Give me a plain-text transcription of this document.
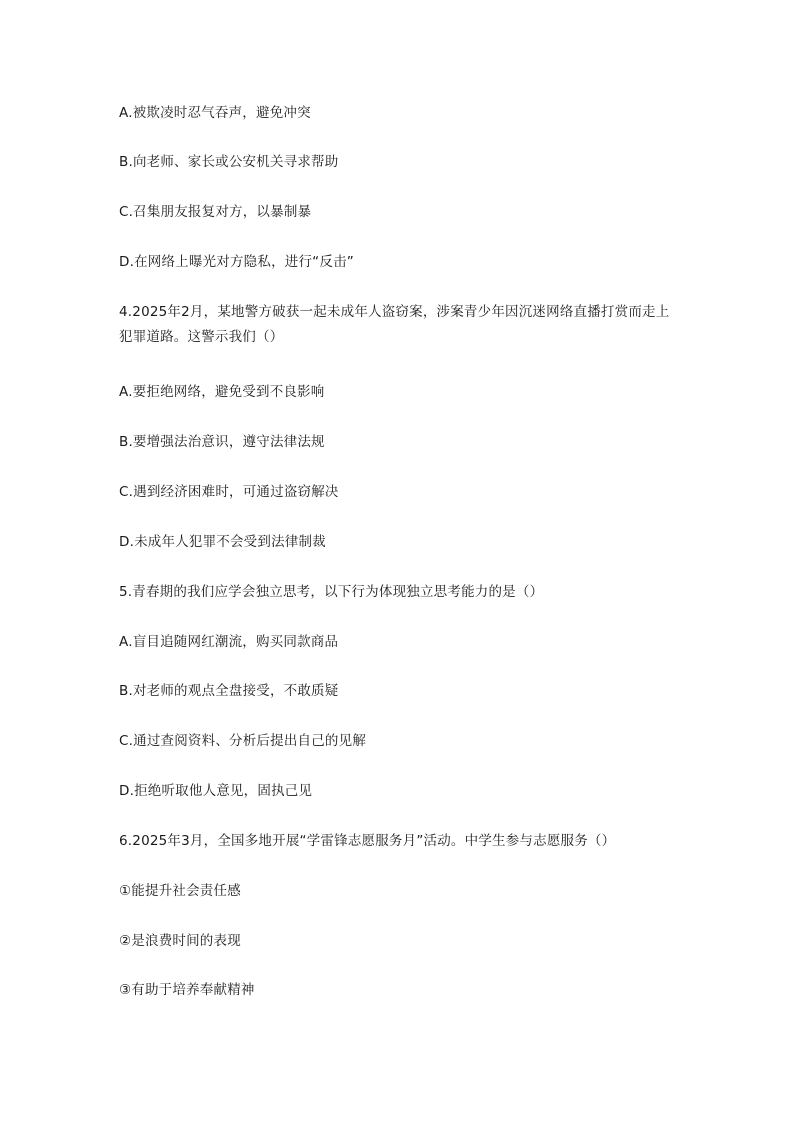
A.被欺凌时忍气吞声，避免冲突
B.向老师、家长或公安机关寻求帮助
C.召集朋友报复对方，以暴制暴
D.在网络上曝光对方隐私，进行“反击”
4.2025年2月，某地警方破获一起未成年人盗窃案，涉案青少年因沉迷网络直播打赏而走上
犯罪道路。这警示我们（）
A.要拒绝网络，避免受到不良影响
B.要增强法治意识，遵守法律法规
C.遇到经济困难时，可通过盗窃解决
D.未成年人犯罪不会受到法律制裁
5.青春期的我们应学会独立思考，以下行为体现独立思考能力的是（）
A.盲目追随网红潮流，购买同款商品
B.对老师的观点全盘接受，不敢质疑
C.通过查阅资料、分析后提出自己的见解
D.拒绝听取他人意见，固执己见
6.2025年3月，全国多地开展“学雷锋志愿服务月”活动。中学生参与志愿服务（）
①能提升社会责任感
②是浪费时间的表现
③有助于培养奉献精神
